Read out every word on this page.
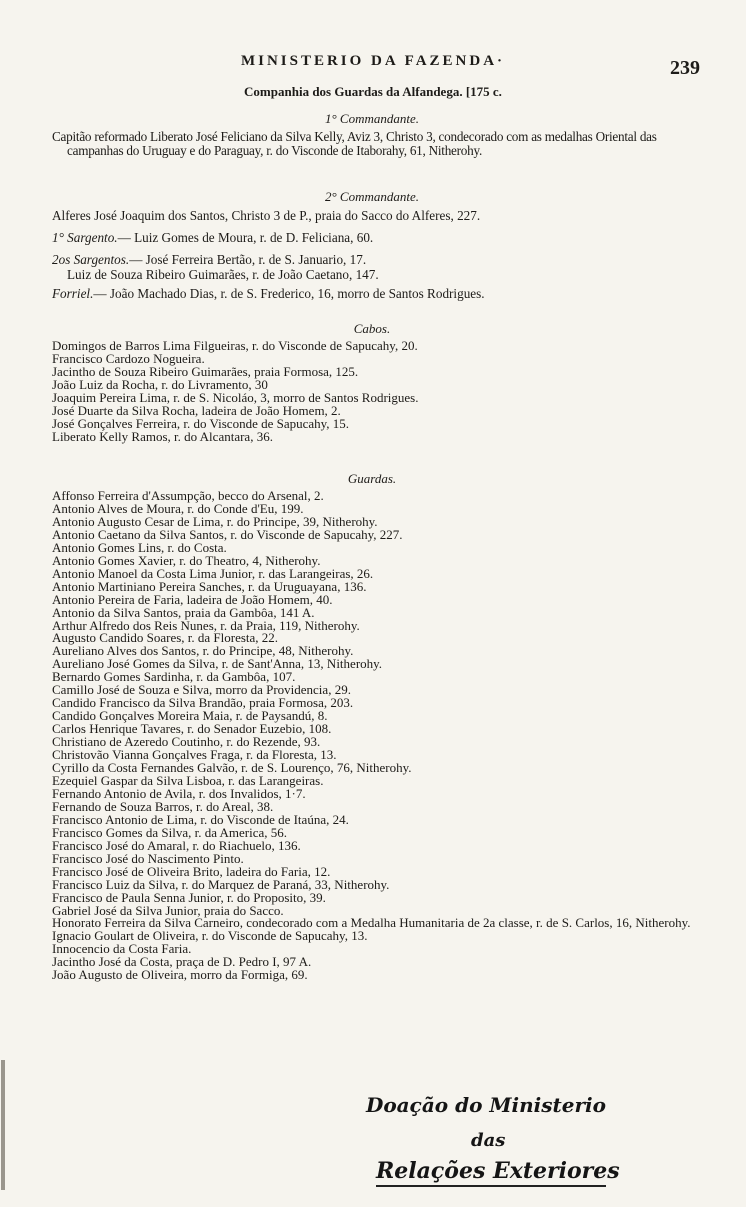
MINISTERIO DA FAZENDA·	239
Companhia dos Guardas da Alfandega. [175 c.
1° Commandante.

Capitão reformado Liberato José Feliciano da Silva Kelly, Aviz 3, Christo 3, condecorado com as medalhas Oriental das campanhas do Uruguay e do Paraguay, r. do Visconde de Itaborahy, 61, Nitherohy.

2° Commandante.
Alferes José Joaquim dos Santos, Christo 3 de P., praia do Sacco do Alferes, 227.
1° Sargento.— Luiz Gomes de Moura, r. de D. Feliciana, 60.
2os Sargentos.— José Ferreira Bertão, r. de S. Januario, 17.
Luiz de Souza Ribeiro Guimarães, r. de João Caetano, 147.
Forriel.— João Machado Dias, r. de S. Frederico, 16, morro de Santos Rodrigues.
Cabos.
Domingos de Barros Lima Filgueiras, r. do Visconde de Sapucahy, 20.
Francisco Cardozo Nogueira.
Jacintho de Souza Ribeiro Guimarães, praia Formosa, 125.
João Luiz da Rocha, r. do Livramento, 30
Joaquim Pereira Lima, r. de S. Nicoláo, 3, morro de Santos Rodrigues.
José Duarte da Silva Rocha, ladeira de João Homem, 2.
José Gonçalves Ferreira, r. do Visconde de Sapucahy, 15.
Liberato Kelly Ramos, r. do Alcantara, 36.
Guardas.
Affonso Ferreira d'Assumpção, becco do Arsenal, 2.
Antonio Alves de Moura, r. do Conde d'Eu, 199.
Antonio Augusto Cesar de Lima, r. do Principe, 39, Nitherohy.
Antonio Caetano da Silva Santos, r. do Visconde de Sapucahy, 227.
Antonio Gomes Lins, r. do Costa.
Antonio Gomes Xavier, r. do Theatro, 4, Nitherohy.
Antonio Manoel da Costa Lima Junior, r. das Larangeiras, 26.
Antonio Martiniano Pereira Sanches, r. da Uruguayana, 136.
Antonio Pereira de Faria, ladeira de João Homem, 40.
Antonio da Silva Santos, praia da Gambôa, 141 A.
Arthur Alfredo dos Reis Nunes, r. da Praia, 119, Nitherohy.
Augusto Candido Soares, r. da Floresta, 22.
Aureliano Alves dos Santos, r. do Principe, 48, Nitherohy.
Aureliano José Gomes da Silva, r. de Sant'Anna, 13, Nitherohy.
Bernardo Gomes Sardinha, r. da Gambôa, 107.
Camillo José de Souza e Silva, morro da Providencia, 29.
Candido Francisco da Silva Brandão, praia Formosa, 203.
Candido Gonçalves Moreira Maia, r. de Paysandú, 8.
Carlos Henrique Tavares, r. do Senador Euzebio, 108.
Christiano de Azeredo Coutinho, r. do Rezende, 93.
Christovão Vianna Gonçalves Fraga, r. da Floresta, 13.
Cyrillo da Costa Fernandes Galvão, r. de S. Lourenço, 76, Nitherohy.
Ezequiel Gaspar da Silva Lisboa, r. das Larangeiras.
Fernando Antonio de Avila, r. dos Invalidos, 1·7.
Fernando de Souza Barros, r. do Areal, 38.
Francisco Antonio de Lima, r. do Visconde de Itaúna, 24.
Francisco Gomes da Silva, r. da America, 56.
Francisco José do Amaral, r. do Riachuelo, 136.
Francisco José do Nascimento Pinto.
Francisco José de Oliveira Brito, ladeira do Faria, 12.
Francisco Luiz da Silva, r. do Marquez de Paraná, 33, Nitherohy.
Francisco de Paula Senna Junior, r. do Proposito, 39.
Gabriel José da Silva Junior, praia do Sacco.
Honorato Ferreira da Silva Carneiro, condecorado com a Medalha Humanitaria de 2a classe, r. de S. Carlos, 16, Nitherohy.
Ignacio Goulart de Oliveira, r. do Visconde de Sapucahy, 13.
Innocencio da Costa Faria.
Jacintho José da Costa, praça de D. Pedro I, 97 A.
João Augusto de Oliveira, morro da Formiga, 69.
Doação do Ministerio
das
Relações Exteriores
